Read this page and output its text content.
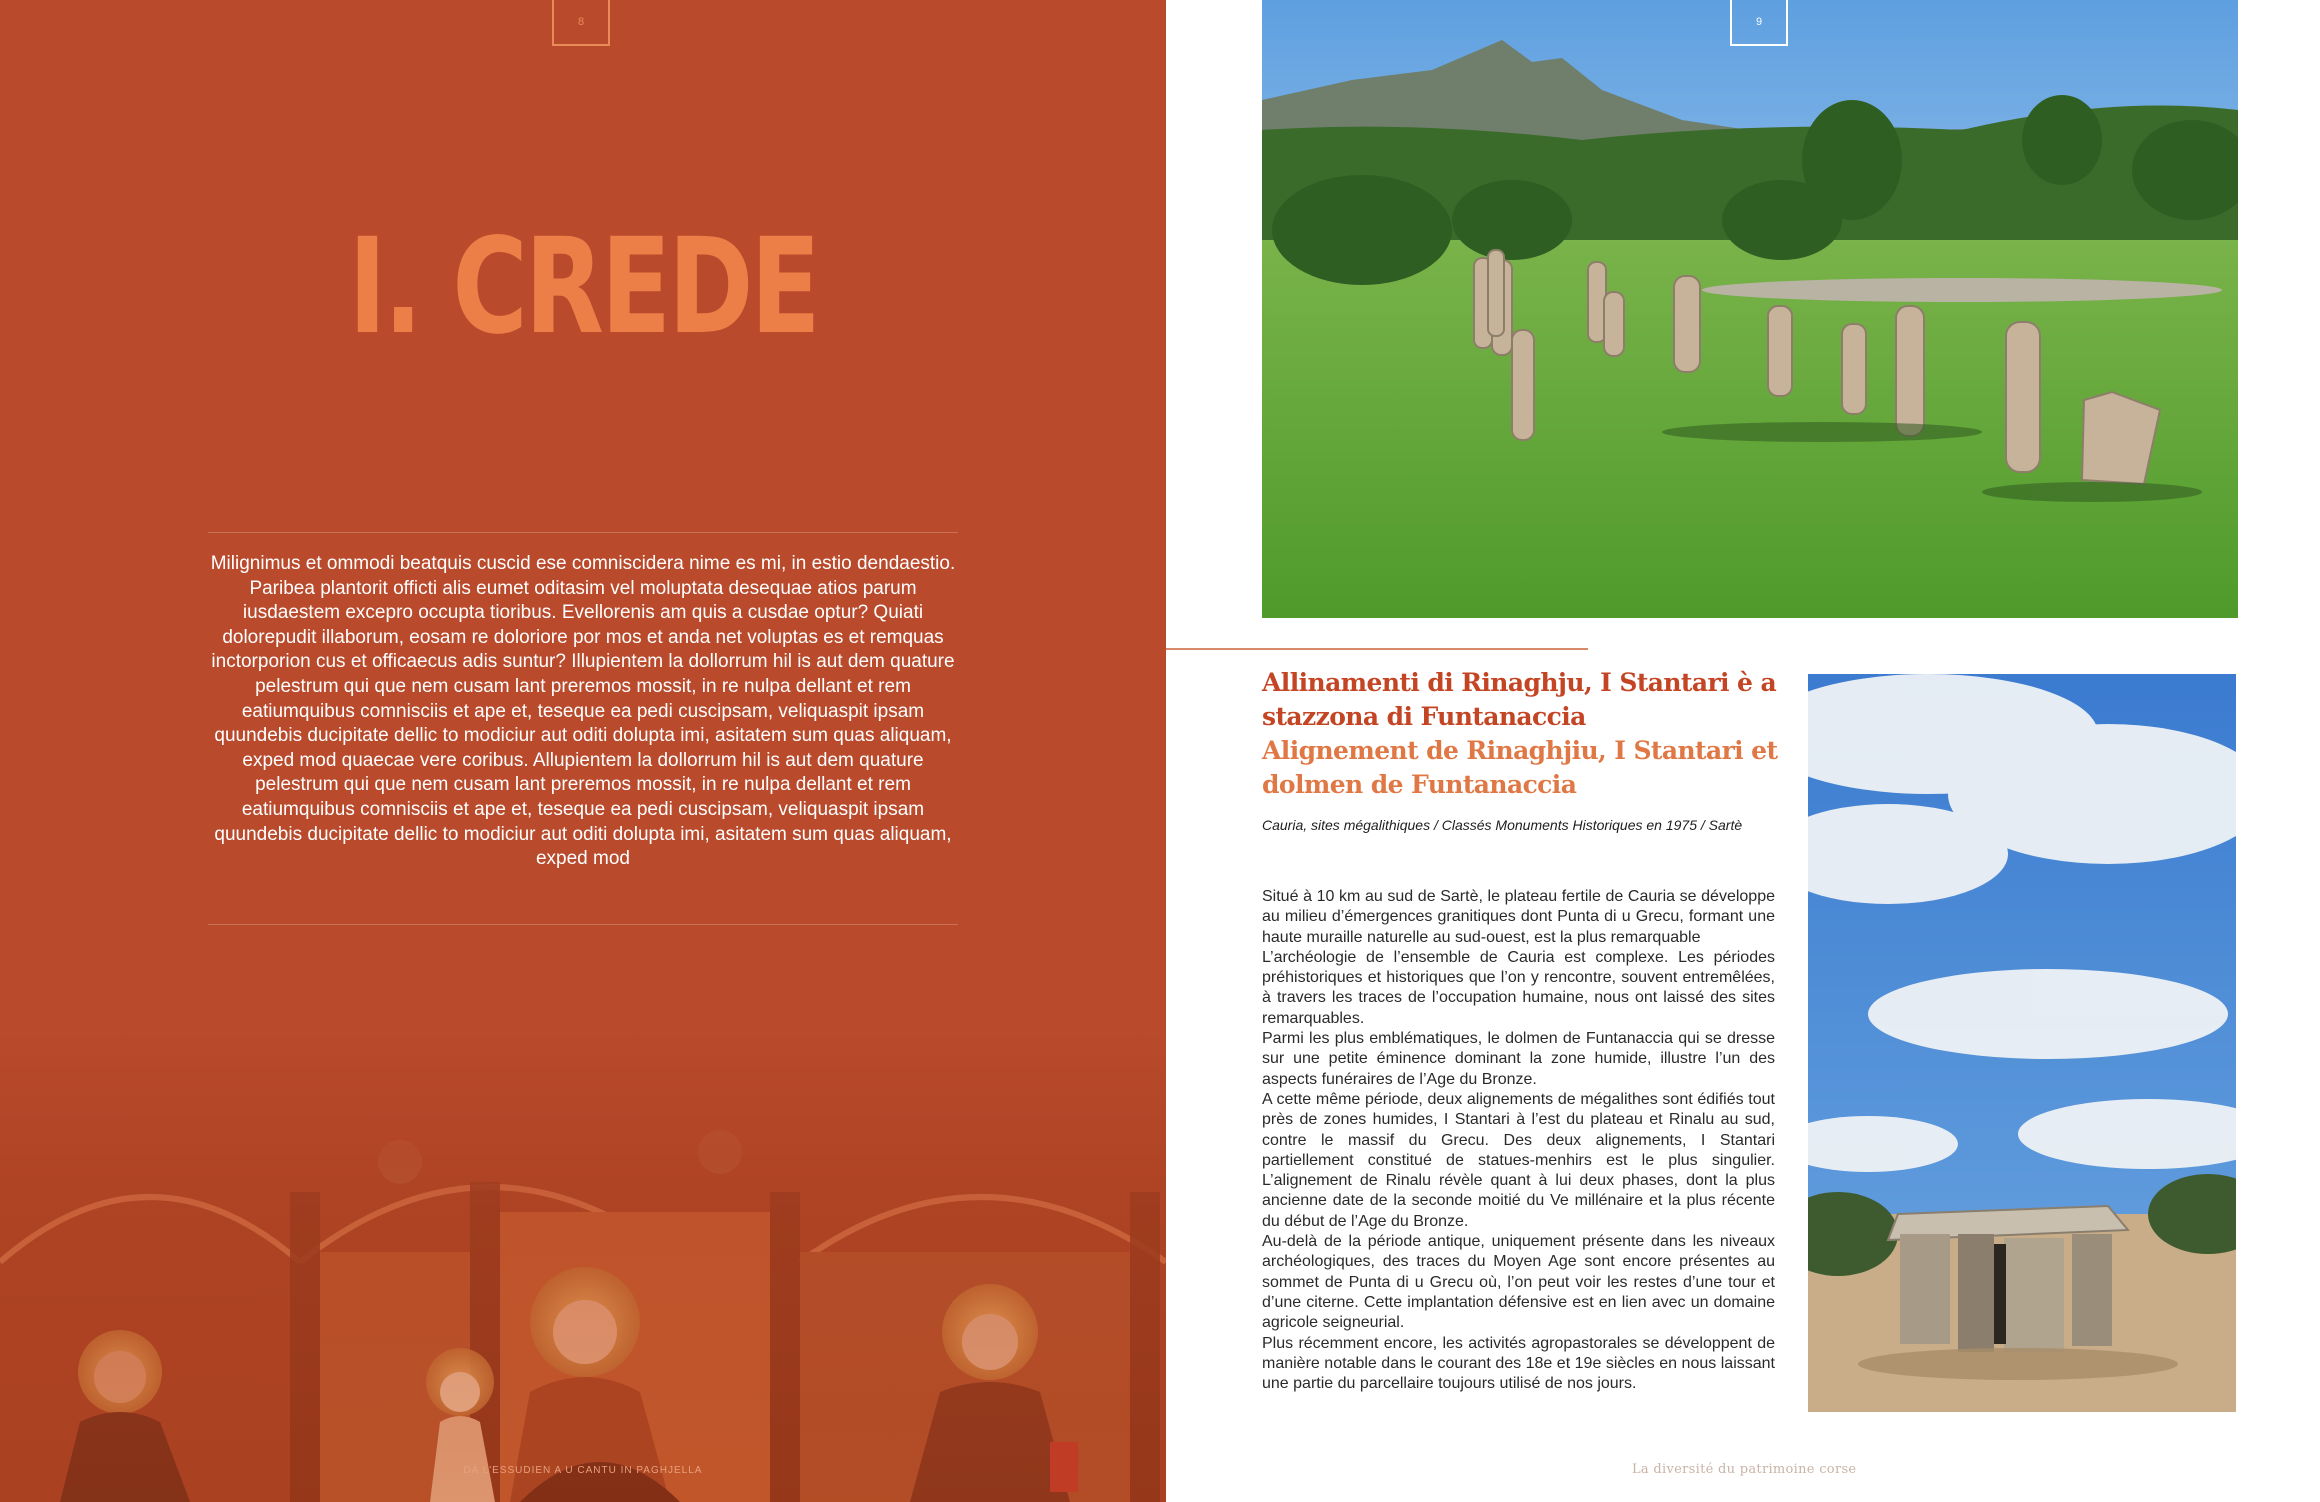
8
I. CREDE
Milignimus et ommodi beatquis cuscid ese comniscidera nime es mi, in estio dendaestio. Paribea plantorit officti alis eumet oditasim vel moluptata desequae atios parum iusdaestem excepro occupta tioribus. Evellorenis am quis a cusdae optur? Quiati dolorepudit illaborum, eosam re doloriore por mos et anda net voluptas es et remquas inctorporion cus et officaecus adis suntur? Illupientem la dollorrum hil is aut dem quature pelestrum qui que nem cusam lant preremos mossit, in re nulpa dellant et rem eatiumquibus comnisciis et ape et, teseque ea pedi cuscipsam, veliquaspit ipsam quundebis ducipitate dellic to modiciur aut oditi dolupta imi, asitatem sum quas aliquam, exped mod quaecae vere coribus. Allupientem la dollorrum hil is aut dem quature pelestrum qui que nem cusam lant preremos mossit, in re nulpa dellant et rem eatiumquibus comnisciis et ape et, teseque ea pedi cuscipsam, veliquaspit ipsam quundebis ducipitate dellic to modiciur aut oditi dolupta imi, asitatem sum quas aliquam, exped mod
DA L'ESSUDIEN A U CANTU IN PAGHJELLA
9
Allinamenti di Rinaghju, I Stantari è a stazzona di Funtanaccia
Alignement de Rinaghjiu, I Stantari et dolmen de Funtanaccia
Cauria, sites mégalithiques / Classés Monuments Historiques en 1975 / Sartè

Situé à 10 km au sud de Sartè, le plateau fertile de Cauria se développe au milieu d’émergences granitiques dont Punta di u Grecu, formant une haute muraille naturelle au sud-ouest, est la plus remarquable

L’archéologie de l’ensemble de Cauria est complexe. Les périodes préhistoriques et historiques que l’on y rencontre, souvent entremêlées, à travers les traces de l’occupation humaine, nous ont laissé des sites remarquables.

Parmi les plus emblématiques, le dolmen de Funtanaccia qui se dresse sur une petite éminence dominant la zone humide, illustre l’un des aspects funéraires de l’Age du Bronze.

A cette même période, deux alignements de mégalithes sont édifiés tout près de zones humides, I Stantari à l’est du plateau et Rinalu au sud, contre le massif du Grecu. Des deux alignements, I Stantari partiellement constitué de statues-menhirs est le plus singulier. L’alignement de Rinalu révèle quant à lui deux phases, dont la plus ancienne date de la seconde moitié du Ve millénaire et la plus récente du début de l’Age du Bronze.

Au-delà de la période antique, uniquement présente dans les niveaux archéologiques, des traces du Moyen Age sont encore présentes au sommet de Punta di u Grecu où, l’on peut voir les restes d’une tour et d’une citerne. Cette implantation défensive est en lien avec un domaine agricole seigneurial.

Plus récemment encore, les activités agropastorales se développent de manière notable dans le courant des 18e et 19e siècles en nous laissant une partie du parcellaire toujours utilisé de nos jours.

La diversité du patrimoine corse
